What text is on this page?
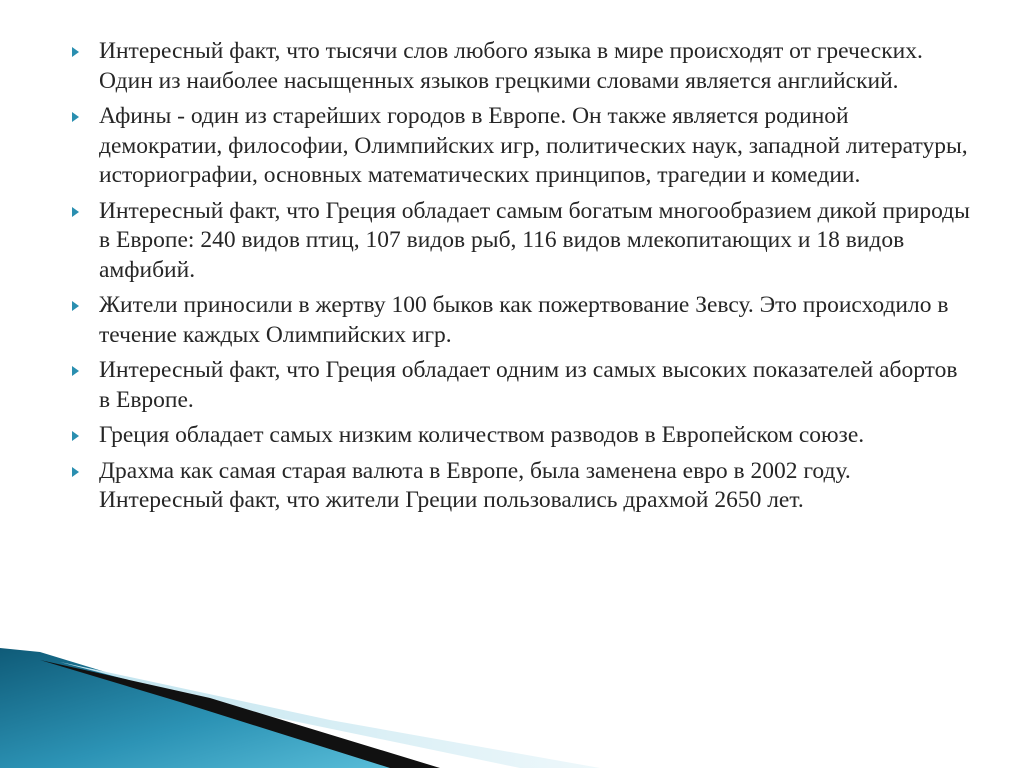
Интересный факт, что тысячи слов любого языка в мире происходят от греческих. Один из наиболее насыщенных языков грецкими словами является английский.
Афины - один из старейших городов в Европе. Он также является родиной демократии, философии, Олимпийских игр, политических наук, западной литературы, историографии, основных математических принципов, трагедии и комедии.
Интересный факт, что Греция обладает самым богатым многообразием дикой природы в Европе: 240 видов птиц, 107 видов рыб, 116 видов млекопитающих и 18 видов амфибий.
Жители приносили в жертву 100 быков как пожертвование Зевсу. Это происходило в течение каждых Олимпийских игр.
Интересный факт, что Греция обладает одним из самых высоких показателей абортов в Европе.
Греция обладает самых низким количеством разводов в Европейском союзе.
Драхма как самая старая валюта в Европе, была заменена евро в 2002 году. Интересный факт, что жители Греции пользовались драхмой 2650 лет.
